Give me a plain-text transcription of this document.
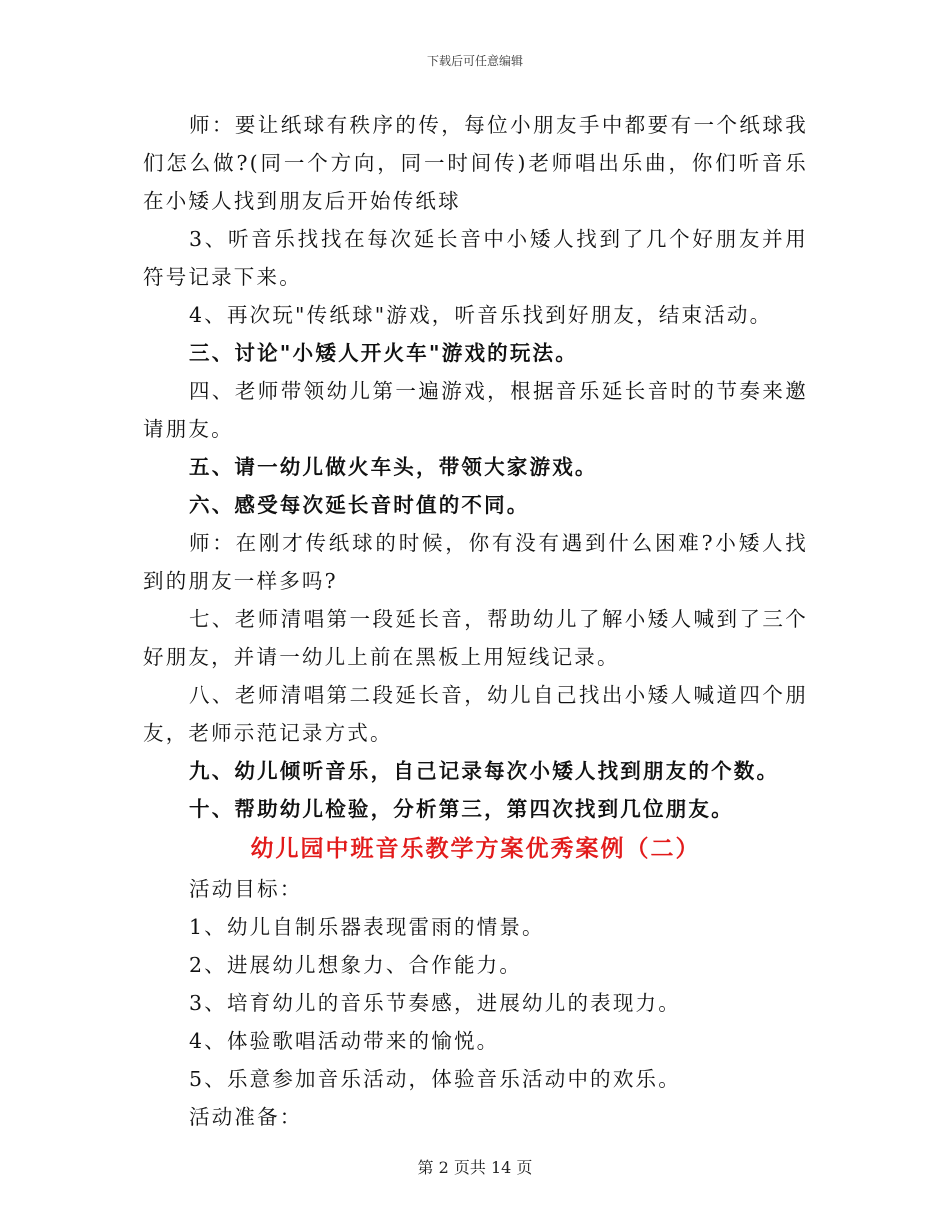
下载后可任意编辑

师：要让纸球有秩序的传，每位小朋友手中都要有一个纸球我们怎么做?(同一个方向，同一时间传)老师唱出乐曲，你们听音乐在小矮人找到朋友后开始传纸球

3、听音乐找找在每次延长音中小矮人找到了几个好朋友并用符号记录下来。

4、再次玩"传纸球"游戏，听音乐找到好朋友，结束活动。

三、讨论"小矮人开火车"游戏的玩法。

四、老师带领幼儿第一遍游戏，根据音乐延长音时的节奏来邀请朋友。

五、请一幼儿做火车头，带领大家游戏。

六、感受每次延长音时值的不同。

师：在刚才传纸球的时候，你有没有遇到什么困难?小矮人找到的朋友一样多吗?

七、老师清唱第一段延长音，帮助幼儿了解小矮人喊到了三个好朋友，并请一幼儿上前在黑板上用短线记录。

八、老师清唱第二段延长音，幼儿自己找出小矮人喊道四个朋友，老师示范记录方式。

九、幼儿倾听音乐，自己记录每次小矮人找到朋友的个数。

十、帮助幼儿检验，分析第三，第四次找到几位朋友。

幼儿园中班音乐教学方案优秀案例（二）

活动目标：

1、幼儿自制乐器表现雷雨的情景。

2、进展幼儿想象力、合作能力。

3、培育幼儿的音乐节奏感，进展幼儿的表现力。

4、体验歌唱活动带来的愉悦。

5、乐意参加音乐活动，体验音乐活动中的欢乐。

活动准备：

第 2 页共 14 页
